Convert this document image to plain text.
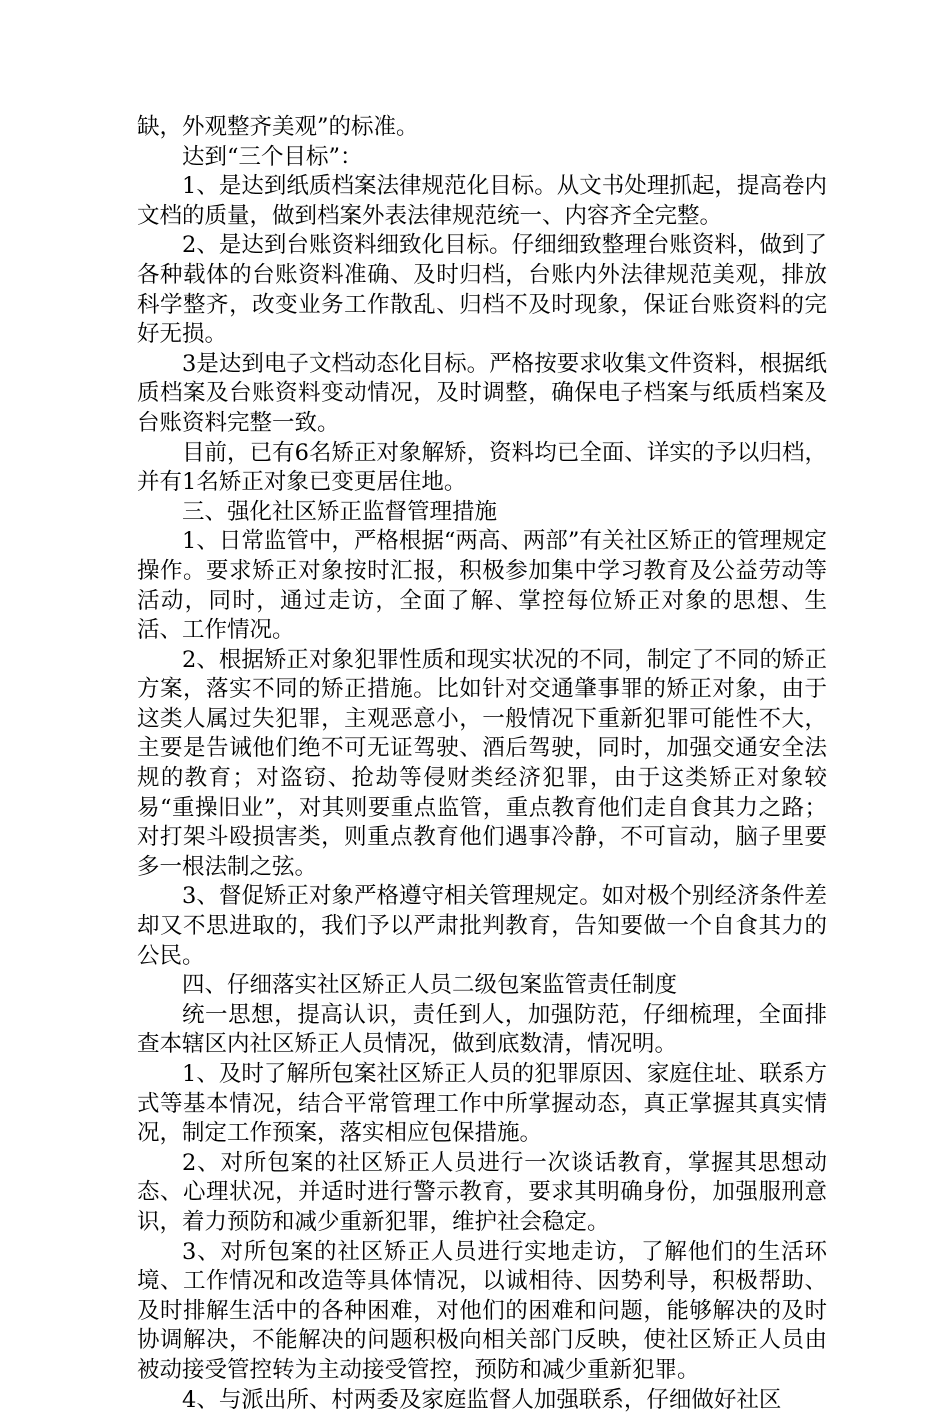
缺，外观整齐美观”的标准。

达到“三个目标”：

1、是达到纸质档案法律规范化目标。从文书处理抓起，提高卷内文档的质量，做到档案外表法律规范统一、内容齐全完整。

2、是达到台账资料细致化目标。仔细细致整理台账资料，做到了各种载体的台账资料准确、及时归档，台账内外法律规范美观，排放科学整齐，改变业务工作散乱、归档不及时现象，保证台账资料的完好无损。

3是达到电子文档动态化目标。严格按要求收集文件资料，根据纸质档案及台账资料变动情况，及时调整，确保电子档案与纸质档案及台账资料完整一致。

目前，已有6名矫正对象解矫，资料均已全面、详实的予以归档，并有1名矫正对象已变更居住地。

三、强化社区矫正监督管理措施

1、日常监管中，严格根据“两高、两部”有关社区矫正的管理规定操作。要求矫正对象按时汇报，积极参加集中学习教育及公益劳动等活动，同时，通过走访，全面了解、掌控每位矫正对象的思想、生活、工作情况。

2、根据矫正对象犯罪性质和现实状况的不同，制定了不同的矫正方案，落实不同的矫正措施。比如针对交通肇事罪的矫正对象，由于这类人属过失犯罪，主观恶意小，一般情况下重新犯罪可能性不大，主要是告诫他们绝不可无证驾驶、酒后驾驶，同时，加强交通安全法规的教育；对盗窃、抢劫等侵财类经济犯罪，由于这类矫正对象较易“重操旧业”，对其则要重点监管，重点教育他们走自食其力之路；对打架斗殴损害类，则重点教育他们遇事冷静，不可盲动，脑子里要多一根法制之弦。

3、督促矫正对象严格遵守相关管理规定。如对极个别经济条件差却又不思进取的，我们予以严肃批判教育，告知要做一个自食其力的公民。

四、仔细落实社区矫正人员二级包案监管责任制度

统一思想，提高认识，责任到人，加强防范，仔细梳理，全面排查本辖区内社区矫正人员情况，做到底数清，情况明。

1、及时了解所包案社区矫正人员的犯罪原因、家庭住址、联系方式等基本情况，结合平常管理工作中所掌握动态，真正掌握其真实情况，制定工作预案，落实相应包保措施。

2、对所包案的社区矫正人员进行一次谈话教育，掌握其思想动态、心理状况，并适时进行警示教育，要求其明确身份，加强服刑意识，着力预防和减少重新犯罪，维护社会稳定。

3、对所包案的社区矫正人员进行实地走访，了解他们的生活环境、工作情况和改造等具体情况，以诚相待、因势利导，积极帮助、及时排解生活中的各种困难，对他们的困难和问题，能够解决的及时协调解决，不能解决的问题积极向相关部门反映，使社区矫正人员由被动接受管控转为主动接受管控，预防和减少重新犯罪。

4、与派出所、村两委及家庭监督人加强联系，仔细做好社区
